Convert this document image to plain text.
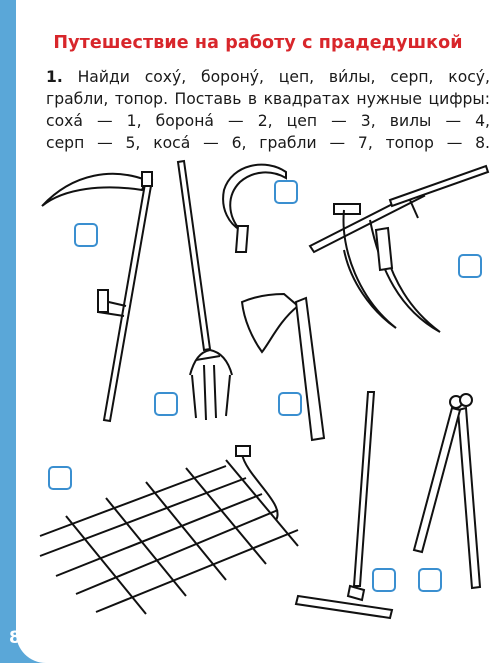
Путешествие на работу с прадедушкой
1. Найди соху́, борону́, цеп, ви́лы, серп, косу́,
грабли, топор. Поставь в квадратах нужные цифры:
соха́ — 1, борона́ — 2, цеп — 3, вилы — 4,
серп — 5, коса́ — 6, грабли — 7, топор — 8.
8
